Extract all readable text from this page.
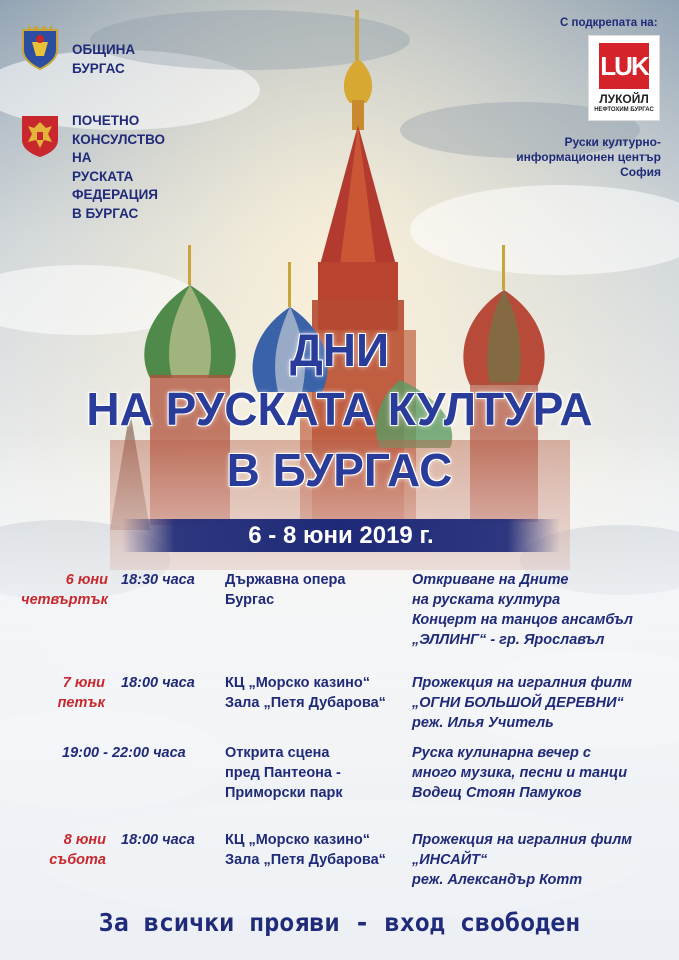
ОБЩИНА
БУРГАС
ПОЧЕТНО
КОНСУЛСТВО
НА
РУСКАТА
ФЕДЕРАЦИЯ
В БУРГАС
С подкрепата на:
LUK
ЛУКОЙЛ
НЕФТОХИМ БУРГАС
Руски културно-
информационен център
София
ДНИ
НА РУСКАТА КУЛТУРА
В БУРГАС
6 - 8 юни 2019 г.
6 юни
четвъртък
18:30 часа Държавна опера
Бургас
Откриване на Дните
на руската култура
Концерт на танцов ансамбъл
„ЭЛЛИНГ“ - гр. Ярославъл
7 юни
петък
18:00 часа КЦ „Морско казино“
Зала „Петя Дубарова“
Прожекция на игралния филм
„ОГНИ БОЛЬШОЙ ДЕРЕВНИ“
реж. Илья Учитель
19:00 - 22:00 часа	Открита сцена
пред Пантеона -
Приморски парк
Руска кулинарна вечер с
много музика, песни и танци
Водещ Стоян Памуков
8 юни
събота
18:00 часа КЦ „Морско казино“
Зала „Петя Дубарова“
Прожекция на игралния филм
„ИНСАЙТ“
реж. Александър Котт
За всички прояви - вход свободен
